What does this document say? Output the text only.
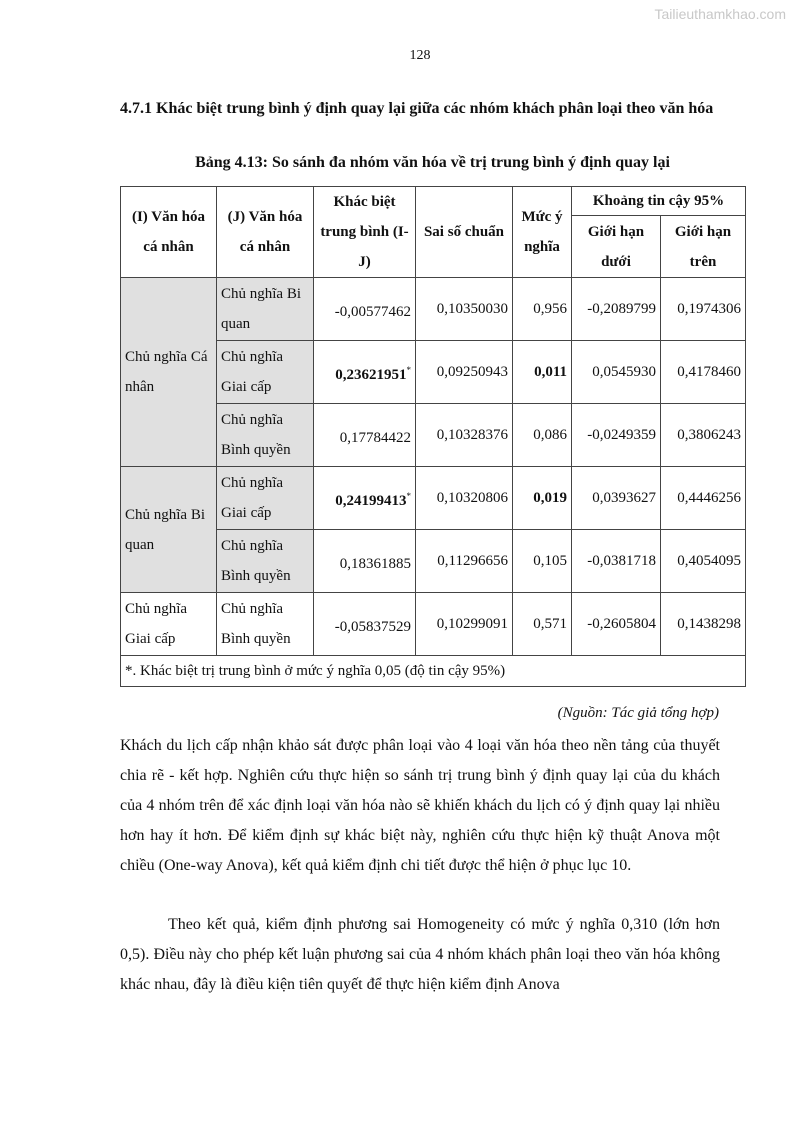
Tailieuthamkhao.com
128
4.7.1 Khác biệt trung bình ý định quay lại giữa các nhóm khách phân loại theo văn hóa
Bảng 4.13: So sánh đa nhóm văn hóa về trị trung bình ý định quay lại
(I) Văn hóa cá nhân	(J) Văn hóa cá nhân	Khác biệt trung bình (I-J)	Sai số chuẩn	Mức ý nghĩa	Khoảng tin cậy 95%	
					Giới hạn dưới	Giới hạn trên
Chủ nghĩa Cá nhân	Chủ nghĩa Bi quan	-0,00577462	0,10350030	0,956	-0,2089799	0,1974306
	Chủ nghĩa Giai cấp	0,23621951*	0,09250943	0,011	0,0545930	0,4178460
	Chủ nghĩa Bình quyền	0,17784422	0,10328376	0,086	-0,0249359	0,3806243
Chủ nghĩa Bi quan	Chủ nghĩa Giai cấp	0,24199413*	0,10320806	0,019	0,0393627	0,4446256
	Chủ nghĩa Bình quyền	0,18361885	0,11296656	0,105	-0,0381718	0,4054095
Chủ nghĩa Giai cấp	Chủ nghĩa Bình quyền	-0,05837529	0,10299091	0,571	-0,2605804	0,1438298
*. Khác biệt trị trung bình ở mức ý nghĩa 0,05 (độ tin cậy 95%)						
(Nguồn: Tác giả tổng hợp)

Khách du lịch cấp nhận khảo sát được phân loại vào 4 loại văn hóa theo nền tảng của thuyết chia rẽ - kết hợp. Nghiên cứu thực hiện so sánh trị trung bình ý định quay lại của du khách của 4 nhóm trên để xác định loại văn hóa nào sẽ khiến khách du lịch có ý định quay lại nhiều hơn hay ít hơn. Để kiểm định sự khác biệt này, nghiên cứu thực hiện kỹ thuật Anova một chiều (One-way Anova), kết quả kiểm định chi tiết được thể hiện ở phục lục 10.

Theo kết quả, kiểm định phương sai Homogeneity có mức ý nghĩa 0,310 (lớn hơn 0,5). Điều này cho phép kết luận phương sai của 4 nhóm khách phân loại theo văn hóa không khác nhau, đây là điều kiện tiên quyết để thực hiện kiểm định Anova
